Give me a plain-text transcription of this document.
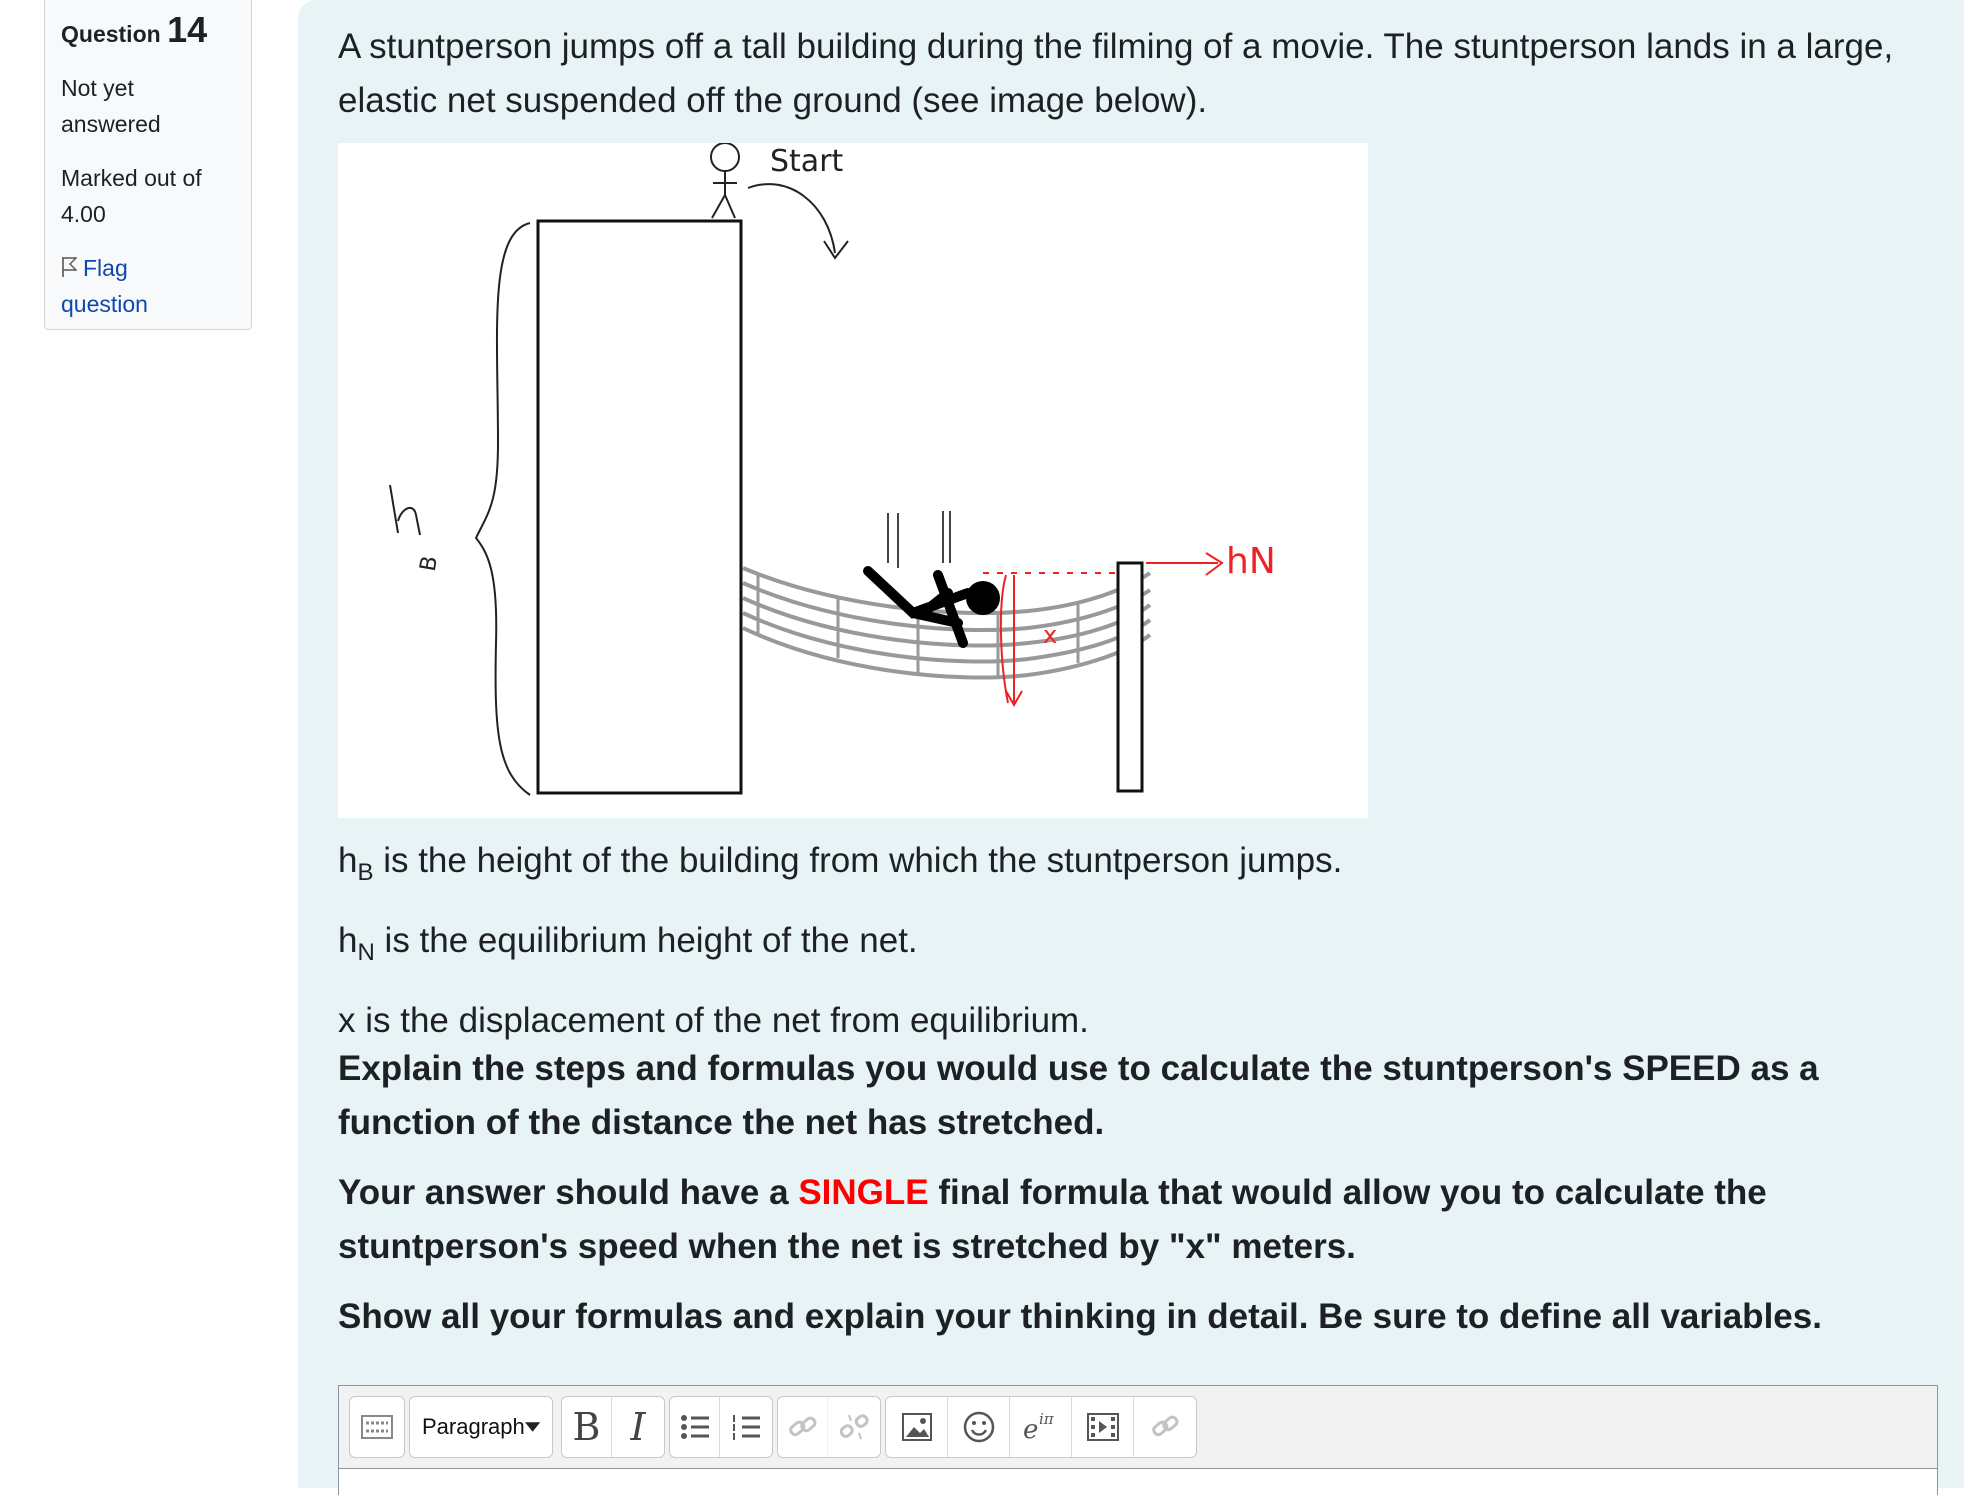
Question 14
Not yet
answered
Marked out of
4.00
Flag
question
A stuntperson jumps off a tall building during the filming of a movie. The stuntperson lands in a large, elastic net suspended off the ground (see image below).
B
Start
x
hN

$h_B$ is the height of the building from which the stuntperson jumps.

$h_N$ is the equilibrium height of the net.

x is the displacement of the net from equilibrium.

Explain the steps and formulas you would use to calculate the stuntperson's SPEED as a function of the distance the net has stretched.

Your answer should have a SINGLE final formula that would allow you to calculate the stuntperson's speed when the net is stretched by "x" meters.

Show all your formulas and explain your thinking in detail. Be sure to define all variables.

Paragraph B I	e iπ
